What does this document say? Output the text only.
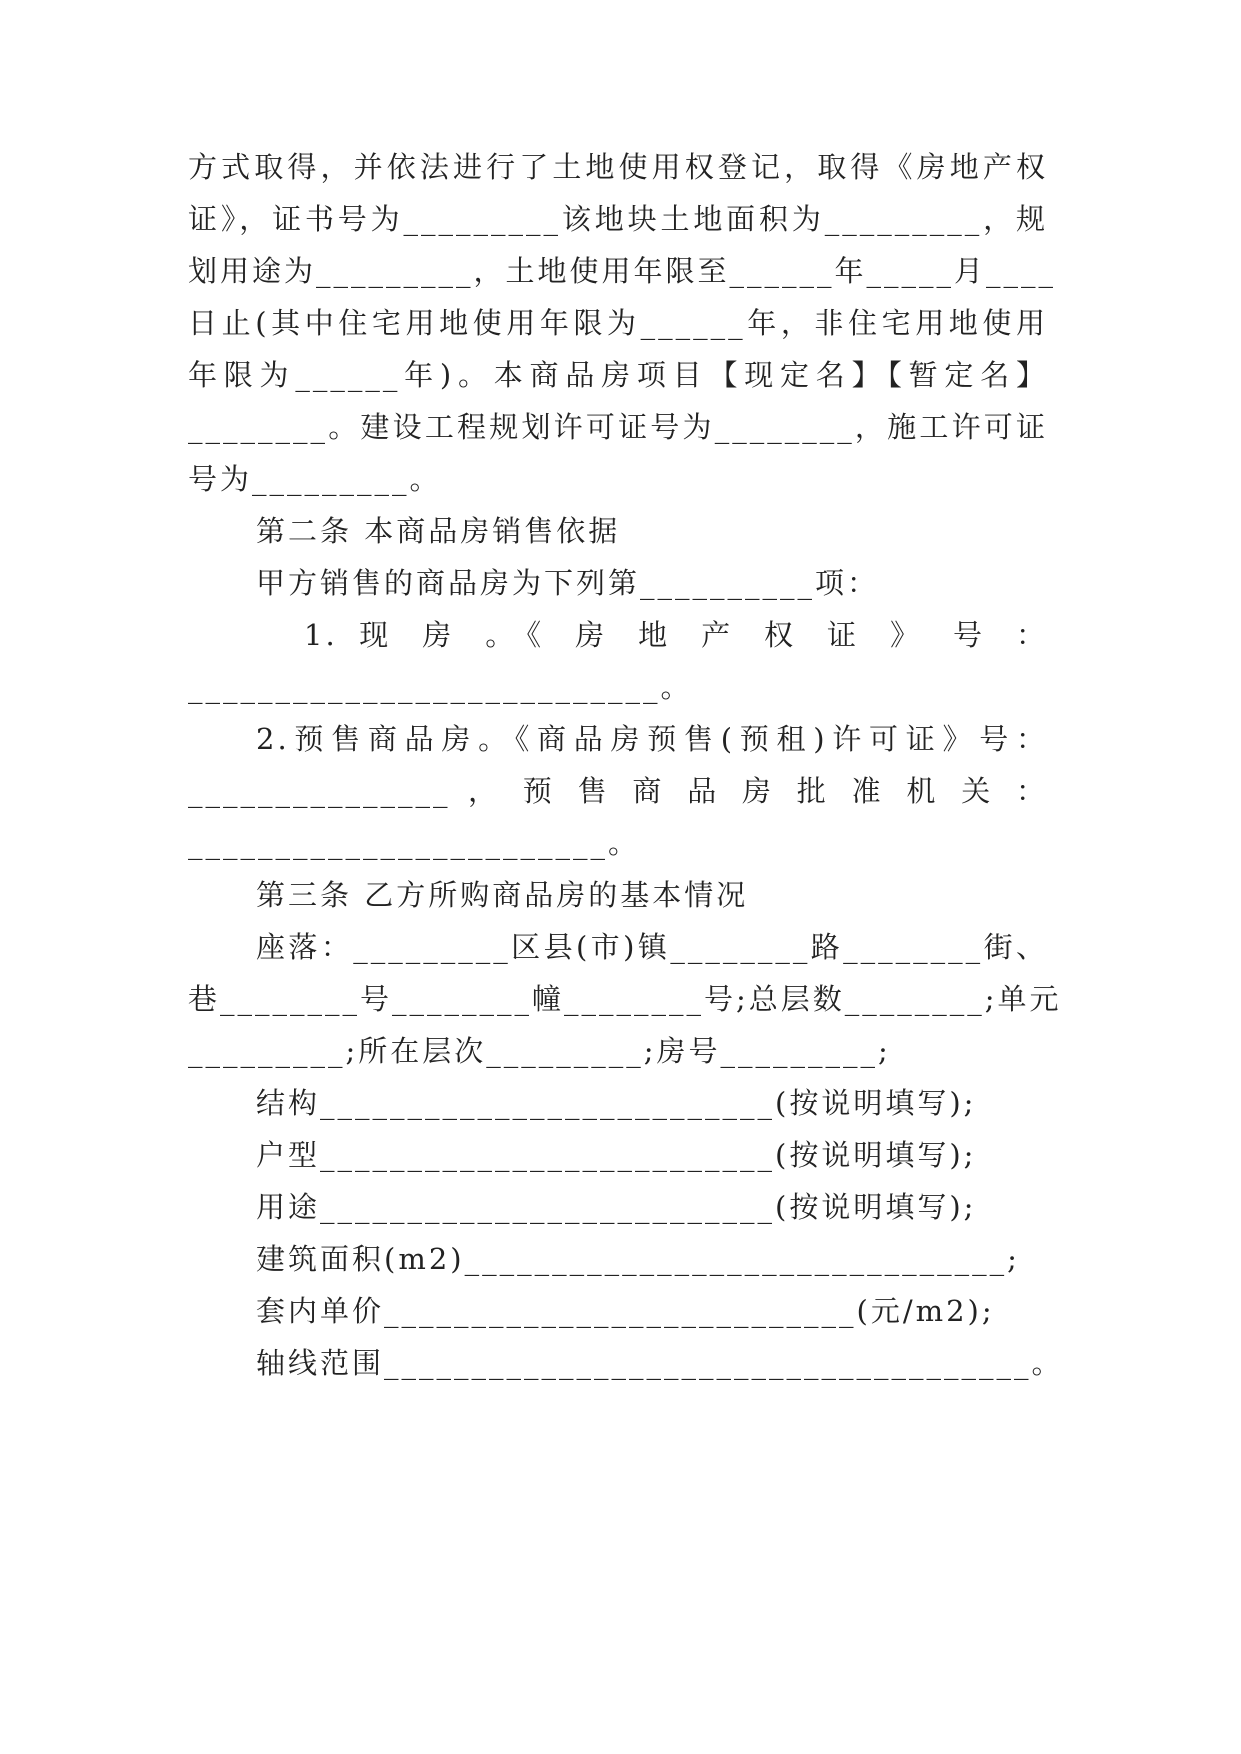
方式取得，并依法进行了土地使用权登记，取得《房地产权
证》，证书号为_________该地块土地面积为_________，规
划用途为_________，土地使用年限至______年_____月____
日止(其中住宅用地使用年限为______年，非住宅用地使用
年限为______年)。本商品房项目【现定名】【暂定名】
________。建设工程规划许可证号为________，施工许可证
号为_________。
第二条 本商品房销售依据
甲方销售的商品房为下列第__________项：
1. 现 房 。《 房 地 产 权 证 》 号 ：
___________________________。
2.预售商品房。《商品房预售(预租)许可证》号：
_______________ ， 预 售 商 品 房 批 准 机 关 ：
________________________。
第三条 乙方所购商品房的基本情况
座落：_________区县(市)镇________路________街、
巷________号________幢________号;总层数________;单元
_________;所在层次_________;房号_________;
结构__________________________(按说明填写);
户型__________________________(按说明填写);
用途__________________________(按说明填写);
建筑面积(m2)_______________________________;
套内单价___________________________(元/m2);
轴线范围_____________________________________。
